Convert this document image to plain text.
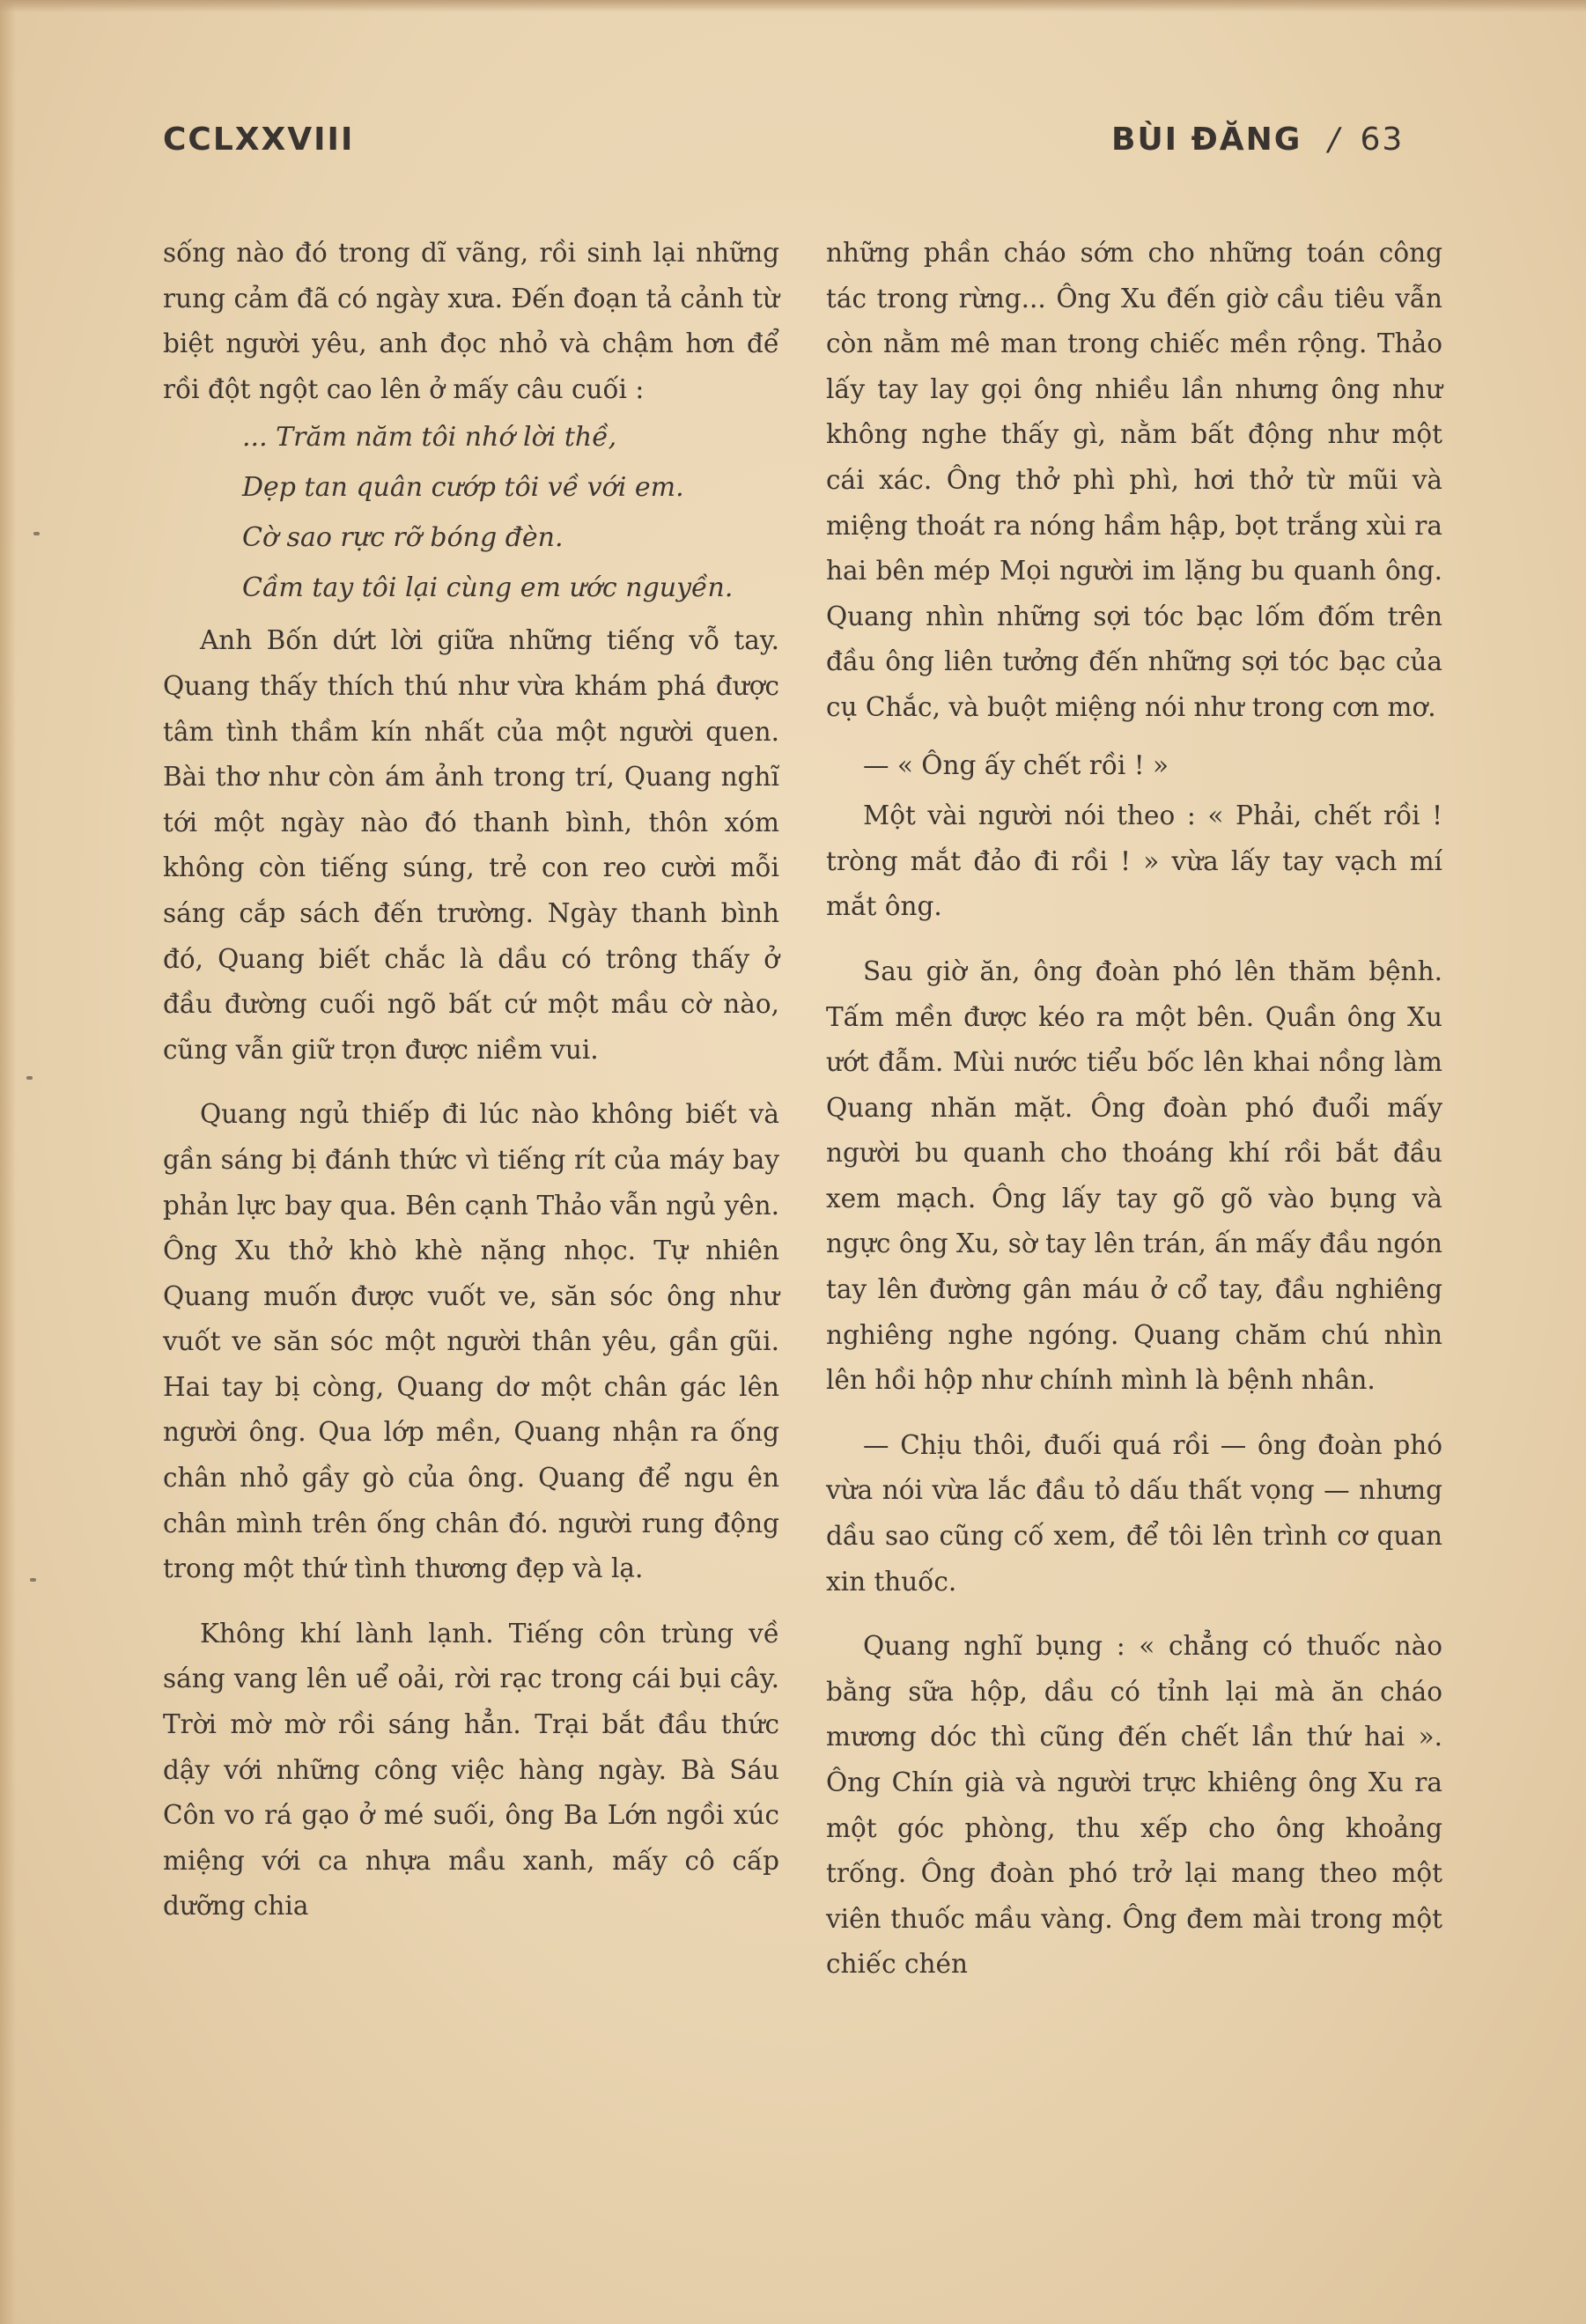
CCLXXVIII	BÙI ĐĂNG / 63

sống nào đó trong dĩ vãng, rồi sinh lại những rung cảm đã có ngày xưa. Đến đoạn tả cảnh từ biệt người yêu, anh đọc nhỏ và chậm hơn để rồi đột ngột cao lên ở mấy câu cuối :

... Trăm năm tôi nhớ lời thề,
Dẹp tan quân cướp tôi về với em.
Cờ sao rực rỡ bóng đèn.
Cầm tay tôi lại cùng em ước nguyền.

Anh Bốn dứt lời giữa những tiếng vỗ tay. Quang thấy thích thú như vừa khám phá được tâm tình thầm kín nhất của một người quen. Bài thơ như còn ám ảnh trong trí, Quang nghĩ tới một ngày nào đó thanh bình, thôn xóm không còn tiếng súng, trẻ con reo cười mỗi sáng cắp sách đến trường. Ngày thanh bình đó, Quang biết chắc là dầu có trông thấy ở đầu đường cuối ngõ bất cứ một mầu cờ nào, cũng vẫn giữ trọn được niềm vui.

Quang ngủ thiếp đi lúc nào không biết và gần sáng bị đánh thức vì tiếng rít của máy bay phản lực bay qua. Bên cạnh Thảo vẫn ngủ yên. Ông Xu thở khò khè nặng nhọc. Tự nhiên Quang muốn được vuốt ve, săn sóc ông như vuốt ve săn sóc một người thân yêu, gần gũi. Hai tay bị còng, Quang dơ một chân gác lên người ông. Qua lớp mền, Quang nhận ra ống chân nhỏ gầy gò của ông. Quang để ngu ên chân mình trên ống chân đó. người rung động trong một thứ tình thương đẹp và lạ.

Không khí lành lạnh. Tiếng côn trùng về sáng vang lên uể oải, rời rạc trong cái bụi cây. Trời mờ mờ rồi sáng hẳn. Trại bắt đầu thức dậy với những công việc hàng ngày. Bà Sáu Côn vo rá gạo ở mé suối, ông Ba Lớn ngồi xúc miệng với ca nhựa mầu xanh, mấy cô cấp dưỡng chia

những phần cháo sớm cho những toán công tác trong rừng... Ông Xu đến giờ cầu tiêu vẫn còn nằm mê man trong chiếc mền rộng. Thảo lấy tay lay gọi ông nhiều lần nhưng ông như không nghe thấy gì, nằm bất động như một cái xác. Ông thở phì phì, hơi thở từ mũi và miệng thoát ra nóng hầm hập, bọt trắng xùi ra hai bên mép Mọi người im lặng bu quanh ông. Quang nhìn những sợi tóc bạc lốm đốm trên đầu ông liên tưởng đến những sợi tóc bạc của cụ Chắc, và buột miệng nói như trong cơn mơ.

— « Ông ấy chết rồi ! »

Một vài người nói theo : « Phải, chết rồi ! tròng mắt đảo đi rồi ! » vừa lấy tay vạch mí mắt ông.

Sau giờ ăn, ông đoàn phó lên thăm bệnh. Tấm mền được kéo ra một bên. Quần ông Xu ướt đẫm. Mùi nước tiểu bốc lên khai nồng làm Quang nhăn mặt. Ông đoàn phó đuổi mấy người bu quanh cho thoáng khí rồi bắt đầu xem mạch. Ông lấy tay gõ gõ vào bụng và ngực ông Xu, sờ tay lên trán, ấn mấy đầu ngón tay lên đường gân máu ở cổ tay, đầu nghiêng nghiêng nghe ngóng. Quang chăm chú nhìn lên hồi hộp như chính mình là bệnh nhân.

— Chịu thôi, đuối quá rồi — ông đoàn phó vừa nói vừa lắc đầu tỏ dấu thất vọng — nhưng dầu sao cũng cố xem, để tôi lên trình cơ quan xin thuốc.

Quang nghĩ bụng : « chẳng có thuốc nào bằng sữa hộp, dầu có tỉnh lại mà ăn cháo mương dóc thì cũng đến chết lần thứ hai ». Ông Chín già và người trực khiêng ông Xu ra một góc phòng, thu xếp cho ông khoảng trống. Ông đoàn phó trở lại mang theo một viên thuốc mầu vàng. Ông đem mài trong một chiếc chén
